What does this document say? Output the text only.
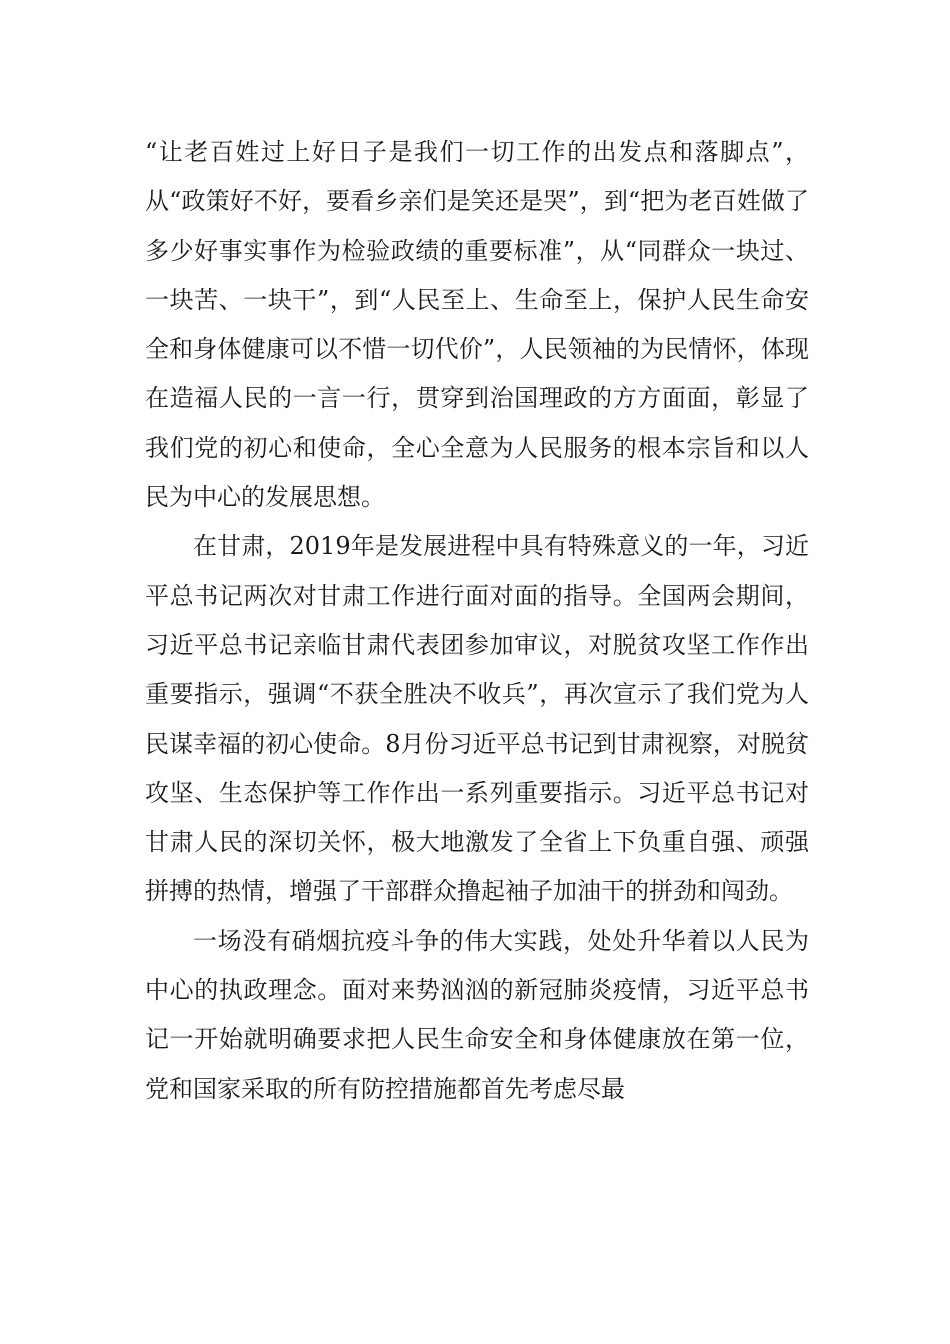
“让老百姓过上好日子是我们一切工作的出发点和落脚点”，从“政策好不好，要看乡亲们是笑还是哭”，到“把为老百姓做了多少好事实事作为检验政绩的重要标准”，从“同群众一块过、一块苦、一块干”，到“人民至上、生命至上，保护人民生命安全和身体健康可以不惜一切代价”，人民领袖的为民情怀，体现在造福人民的一言一行，贯穿到治国理政的方方面面，彰显了我们党的初心和使命，全心全意为人民服务的根本宗旨和以人民为中心的发展思想。

在甘肃，2019年是发展进程中具有特殊意义的一年，习近平总书记两次对甘肃工作进行面对面的指导。全国两会期间，习近平总书记亲临甘肃代表团参加审议，对脱贫攻坚工作作出重要指示，强调“不获全胜决不收兵”，再次宣示了我们党为人民谋幸福的初心使命。8月份习近平总书记到甘肃视察，对脱贫攻坚、生态保护等工作作出一系列重要指示。习近平总书记对甘肃人民的深切关怀，极大地激发了全省上下负重自强、顽强拼搏的热情，增强了干部群众撸起袖子加油干的拼劲和闯劲。

一场没有硝烟抗疫斗争的伟大实践，处处升华着以人民为中心的执政理念。面对来势汹汹的新冠肺炎疫情，习近平总书记一开始就明确要求把人民生命安全和身体健康放在第一位，党和国家采取的所有防控措施都首先考虑尽最
